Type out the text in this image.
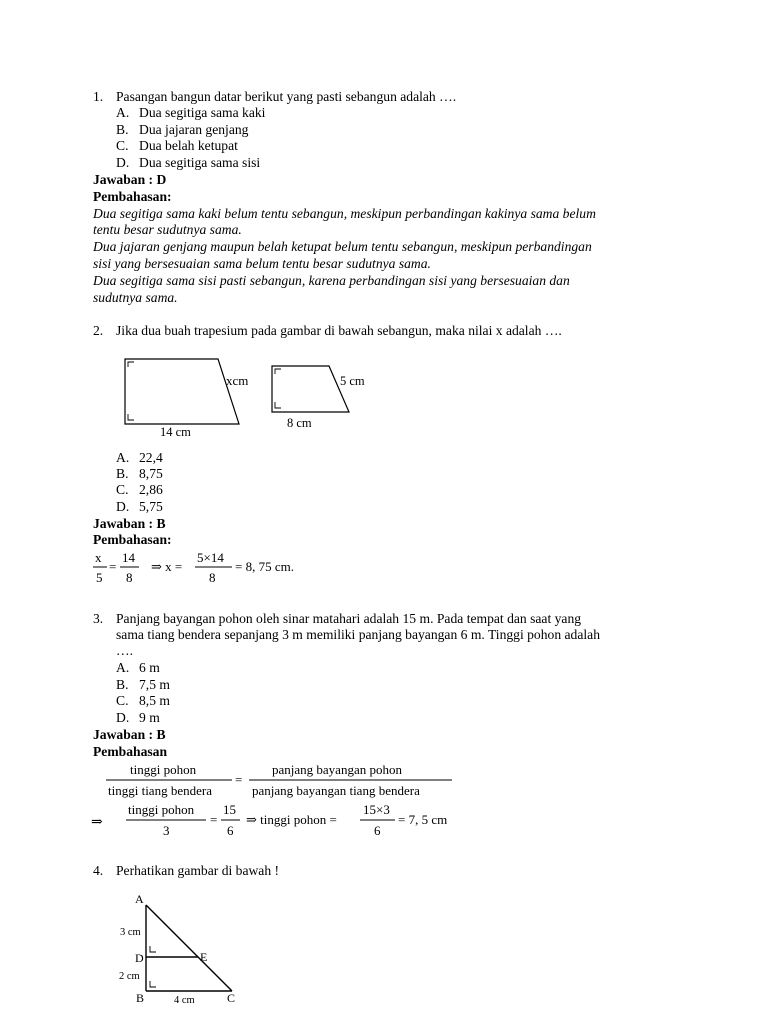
1. Pasangan bangun datar berikut yang pasti sebangun adalah ….
A. Dua segitiga sama kaki
B. Dua jajaran genjang
C. Dua belah ketupat
D. Dua segitiga sama sisi
Jawaban : D
Pembahasan:
Dua segitiga sama kaki belum tentu sebangun, meskipun perbandingan kakinya sama belum
tentu besar sudutnya sama.
Dua jajaran genjang maupun belah ketupat belum tentu sebangun, meskipun perbandingan
sisi yang bersesuaian sama belum tentu besar sudutnya sama.
Dua segitiga sama sisi pasti sebangun, karena perbandingan sisi yang bersesuaian dan
sudutnya sama.
2. Jika dua buah trapesium pada gambar di bawah sebangun, maka nilai x adalah ….
xcm
14 cm
5 cm
8 cm
A. 22,4
B. 8,75
C. 2,86
D. 5,75
Jawaban : B
Pembahasan:
x
5
=
14
8
⇒ x =
5×14
8
= 8, 75 cm.
3. Panjang bayangan pohon oleh sinar matahari adalah 15 m. Pada tempat dan saat yang
sama tiang bendera sepanjang 3 m memiliki panjang bayangan 6 m. Tinggi pohon adalah
….
A. 6 m
B. 7,5 m
C. 8,5 m
D. 9 m
Jawaban : B
Pembahasan
tinggi pohon
tinggi tiang bendera
=
panjang bayangan pohon
panjang bayangan tiang bendera
⇒
tinggi pohon
3
=
15
6
⇒ tinggi pohon =
15×3
6
= 7, 5 cm
4. Perhatikan gambar di bawah !
A
D	E
B	C
3 cm
2 cm
4 cm
